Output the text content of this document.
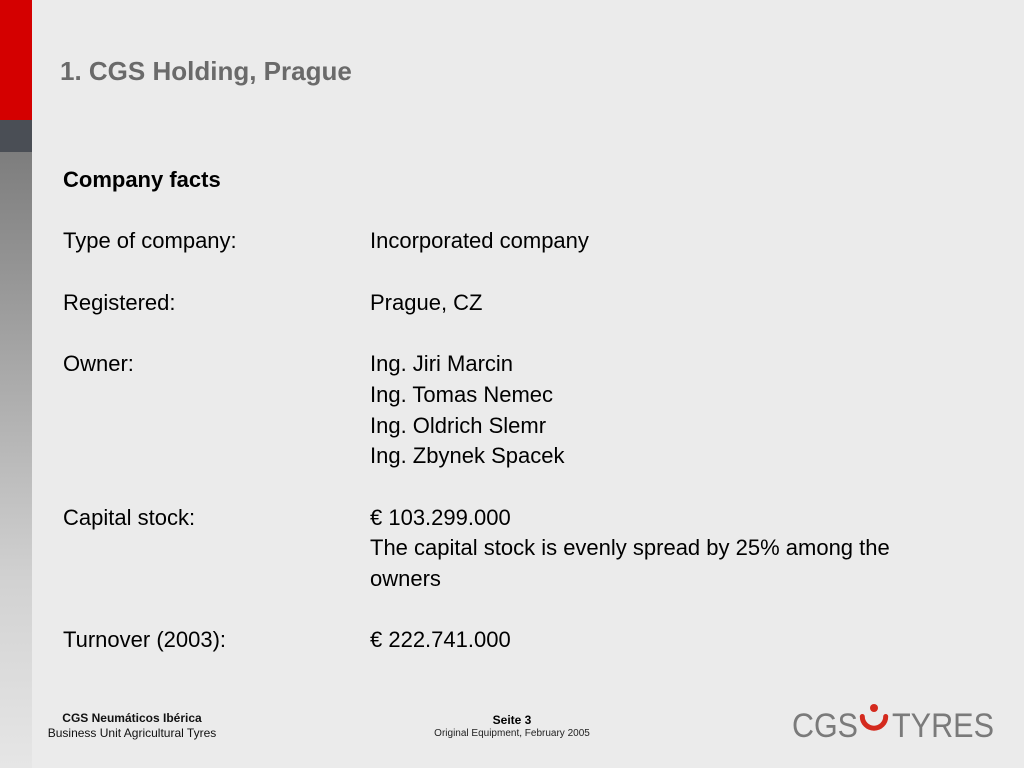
1. CGS Holding, Prague
Company facts
Type of company:	Incorporated company
Registered:	Prague, CZ
Owner:	Ing. Jiri Marcin
Ing. Tomas Nemec
Ing. Oldrich Slemr
Ing. Zbynek Spacek
Capital stock:	€ 103.299.000
The capital stock is evenly spread by 25% among the
owners
Turnover (2003):	€ 222.741.000
CGS Neumáticos Ibérica
Business Unit Agricultural Tyres
Seite 3
Original Equipment, February 2005	CGS TYRES
